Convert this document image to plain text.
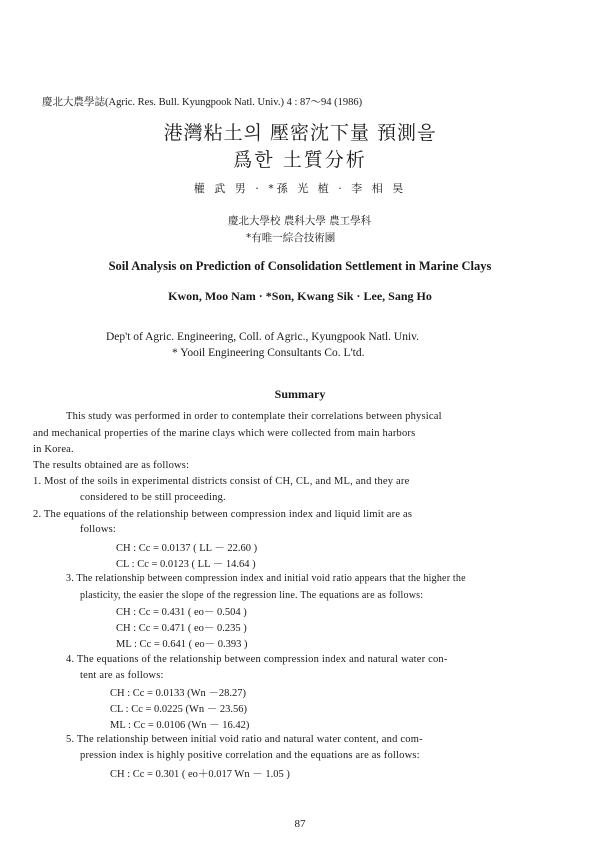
慶北大農學誌(Agric. Res. Bull. Kyungpook Natl. Univ.) 4 : 87～94 (1986)
港灣粘土의 壓密沈下量 預測을
爲한 土質分析
權 武 男 · *孫 光 植 · 李 相 昊
慶北大學校 農科大學 農工學科
*有唯一綜合技術團
Soil Analysis on Prediction of Consolidation Settlement in Marine Clays
Kwon, Moo Nam · *Son, Kwang Sik · Lee, Sang Ho
Dep't of Agric. Engineering, Coll. of Agric., Kyungpook Natl. Univ.
* Yooil Engineering Consultants Co. L'td.
Summary
This study was performed in order to contemplate their correlations between physical
and mechanical properties of the marine clays which were collected from main harbors
in Korea.
The results obtained are as follows:
1. Most of the soils in experimental districts consist of CH, CL, and ML, and they are
considered to be still proceeding.
2. The equations of the relationship between compression index and liquid limit are as
follows:
CH : Cc = 0.0137 ( LL － 22.60 )
CL : Cc = 0.0123 ( LL － 14.64 )
3. The relationship between compression index and initial void ratio appears that the higher the
plasticity, the easier the slope of the regression line. The equations are as follows:
CH : Cc = 0.431 ( eo－ 0.504 )
CH : Cc = 0.471 ( eo－ 0.235 )
ML : Cc = 0.641 ( eo－ 0.393 )
4. The equations of the relationship between compression index and natural water con-
tent are as follows:
CH : Cc = 0.0133 (Wn －28.27)
CL : Cc = 0.0225 (Wn － 23.56)
ML : Cc = 0.0106 (Wn － 16.42)
5. The relationship between initial void ratio and natural water content, and com-
pression index is highly positive correlation and the equations are as follows:
CH : Cc = 0.301 ( eo＋0.017 Wn － 1.05 )
87
